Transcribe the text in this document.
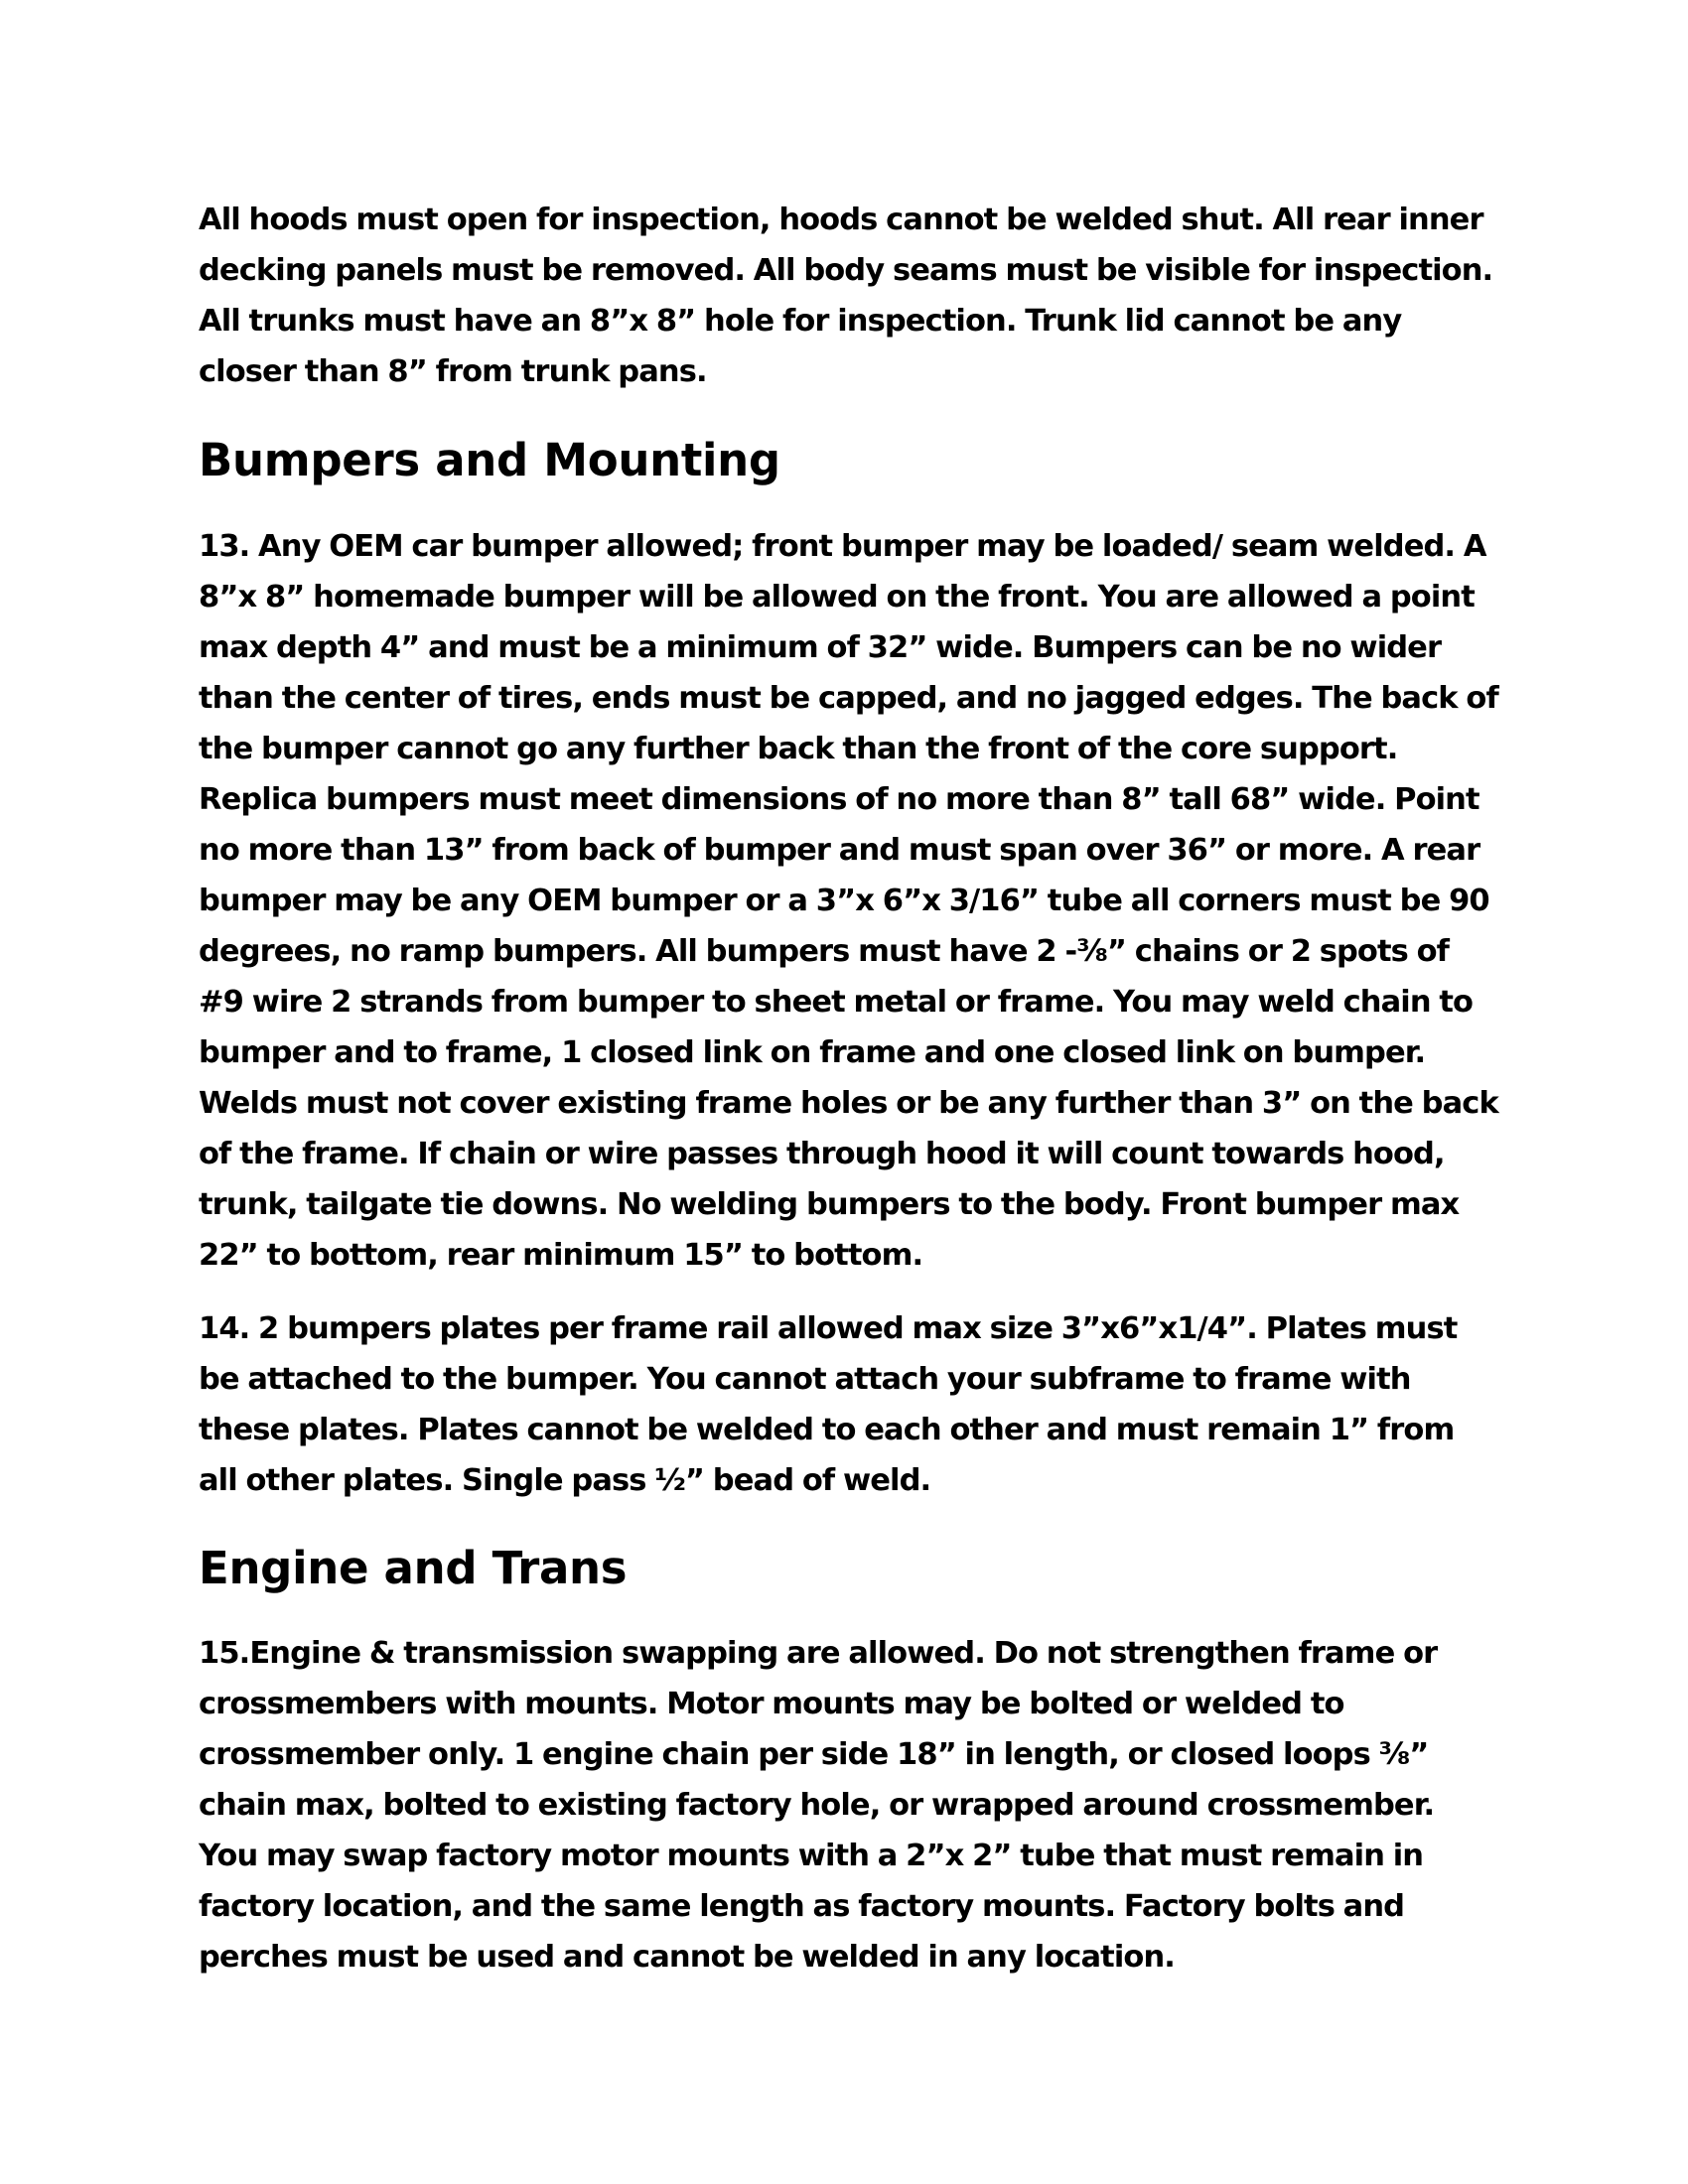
All hoods must open for inspection, hoods cannot be welded shut. All rear inner decking panels must be removed. All body seams must be visible for inspection. All trunks must have an 8”x 8” hole for inspection. Trunk lid cannot be any closer than 8” from trunk pans.

Bumpers and Mounting

13. Any OEM car bumper allowed; front bumper may be loaded/ seam welded. A 8”x 8” homemade bumper will be allowed on the front. You are allowed a point max depth 4” and must be a minimum of 32” wide. Bumpers can be no wider than the center of tires, ends must be capped, and no jagged edges. The back of the bumper cannot go any further back than the front of the core support. Replica bumpers must meet dimensions of no more than 8” tall 68” wide. Point no more than 13” from back of bumper and must span over 36” or more. A rear bumper may be any OEM bumper or a 3”x 6”x 3/16” tube all corners must be 90 degrees, no ramp bumpers. All bumpers must have 2 -⅜” chains or 2 spots of #9 wire 2 strands from bumper to sheet metal or frame. You may weld chain to bumper and to frame, 1 closed link on frame and one closed link on bumper. Welds must not cover existing frame holes or be any further than 3” on the back of the frame. If chain or wire passes through hood it will count towards hood, trunk, tailgate tie downs. No welding bumpers to the body. Front bumper max 22” to bottom, rear minimum 15” to bottom.

14. 2 bumpers plates per frame rail allowed max size 3”x6”x1/4”. Plates must be attached to the bumper. You cannot attach your subframe to frame with these plates. Plates cannot be welded to each other and must remain 1” from all other plates. Single pass ½” bead of weld.

Engine and Trans

15.Engine & transmission swapping are allowed. Do not strengthen frame or crossmembers with mounts. Motor mounts may be bolted or welded to crossmember only. 1 engine chain per side 18” in length, or closed loops ⅜” chain max, bolted to existing factory hole, or wrapped around crossmember. You may swap factory motor mounts with a 2”x 2” tube that must remain in factory location, and the same length as factory mounts. Factory bolts and perches must be used and cannot be welded in any location.
